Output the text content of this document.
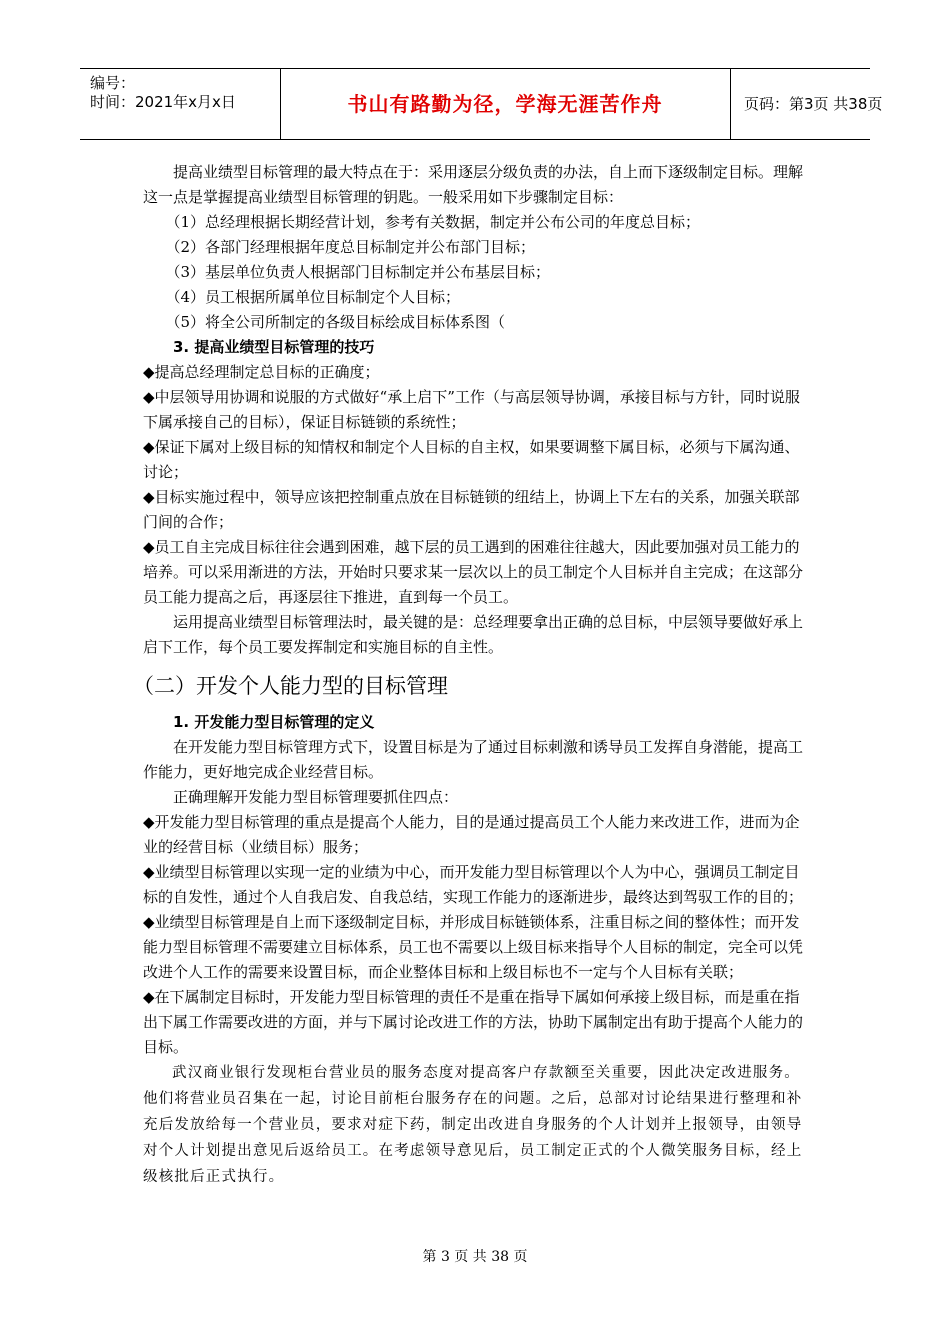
编号：
时间：2021年x月x日	书山有路勤为径，学海无涯苦作舟	页码：第3页 共38页

提高业绩型目标管理的最大特点在于：采用逐层分级负责的办法，自上而下逐级制定目标。理解这一点是掌握提高业绩型目标管理的钥匙。一般采用如下步骤制定目标：

（1）总经理根据长期经营计划，参考有关数据，制定并公布公司的年度总目标；

（2）各部门经理根据年度总目标制定并公布部门目标；

（3）基层单位负责人根据部门目标制定并公布基层目标；

（4）员工根据所属单位目标制定个人目标；

（5）将全公司所制定的各级目标绘成目标体系图（

3. 提高业绩型目标管理的技巧

◆提高总经理制定总目标的正确度；

◆中层领导用协调和说服的方式做好“承上启下”工作（与高层领导协调，承接目标与方针，同时说服下属承接自己的目标），保证目标链锁的系统性；

◆保证下属对上级目标的知情权和制定个人目标的自主权，如果要调整下属目标，必须与下属沟通、讨论；

◆目标实施过程中，领导应该把控制重点放在目标链锁的纽结上，协调上下左右的关系，加强关联部门间的合作；

◆员工自主完成目标往往会遇到困难，越下层的员工遇到的困难往往越大，因此要加强对员工能力的培养。可以采用渐进的方法，开始时只要求某一层次以上的员工制定个人目标并自主完成；在这部分员工能力提高之后，再逐层往下推进，直到每一个员工。

运用提高业绩型目标管理法时，最关键的是：总经理要拿出正确的总目标，中层领导要做好承上启下工作，每个员工要发挥制定和实施目标的自主性。

（二）开发个人能力型的目标管理

1. 开发能力型目标管理的定义

在开发能力型目标管理方式下，设置目标是为了通过目标刺激和诱导员工发挥自身潜能，提高工作能力，更好地完成企业经营目标。

正确理解开发能力型目标管理要抓住四点：

◆开发能力型目标管理的重点是提高个人能力，目的是通过提高员工个人能力来改进工作，进而为企业的经营目标（业绩目标）服务；

◆业绩型目标管理以实现一定的业绩为中心，而开发能力型目标管理以个人为中心，强调员工制定目标的自发性，通过个人自我启发、自我总结，实现工作能力的逐渐进步，最终达到驾驭工作的目的；

◆业绩型目标管理是自上而下逐级制定目标，并形成目标链锁体系，注重目标之间的整体性；而开发能力型目标管理不需要建立目标体系，员工也不需要以上级目标来指导个人目标的制定，完全可以凭改进个人工作的需要来设置目标，而企业整体目标和上级目标也不一定与个人目标有关联；

◆在下属制定目标时，开发能力型目标管理的责任不是重在指导下属如何承接上级目标，而是重在指出下属工作需要改进的方面，并与下属讨论改进工作的方法，协助下属制定出有助于提高个人能力的目标。

武汉商业银行发现柜台营业员的服务态度对提高客户存款额至关重要，因此决定改进服务。他们将营业员召集在一起，讨论目前柜台服务存在的问题。之后，总部对讨论结果进行整理和补充后发放给每一个营业员，要求对症下药，制定出改进自身服务的个人计划并上报领导，由领导对个人计划提出意见后返给员工。在考虑领导意见后，员工制定正式的个人微笑服务目标，经上级核批后正式执行。

第 3 页 共 38 页
